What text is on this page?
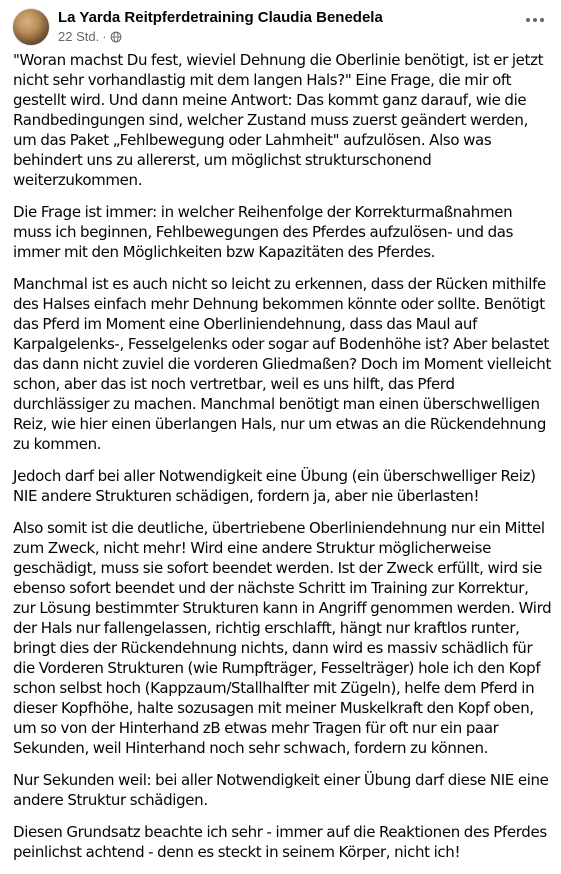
La Yarda Reitpferdetraining Claudia Benedela
22 Std. ·

"Woran machst Du fest, wieviel Dehnung die Oberlinie benötigt, ist er jetzt nicht sehr vorhandlastig mit dem langen Hals?" Eine Frage, die mir oft gestellt wird. Und dann meine Antwort: Das kommt ganz darauf, wie die Randbedingungen sind, welcher Zustand muss zuerst geändert werden, um das Paket „Fehlbewegung oder Lahmheit" aufzulösen. Also was behindert uns zu allererst, um möglichst strukturschonend weiterzukommen.

Die Frage ist immer: in welcher Reihenfolge der Korrekturmaßnahmen muss ich beginnen, Fehlbewegungen des Pferdes aufzulösen- und das immer mit den Möglichkeiten bzw Kapazitäten des Pferdes.

Manchmal ist es auch nicht so leicht zu erkennen, dass der Rücken mithilfe des Halses einfach mehr Dehnung bekommen könnte oder sollte. Benötigt das Pferd im Moment eine Oberliniendehnung, dass das Maul auf Karpalgelenks-, Fesselgelenks oder sogar auf Bodenhöhe ist? Aber belastet das dann nicht zuviel die vorderen Gliedmaßen? Doch im Moment vielleicht schon, aber das ist noch vertretbar, weil es uns hilft, das Pferd durchlässiger zu machen. Manchmal benötigt man einen überschwelligen Reiz, wie hier einen überlangen Hals, nur um etwas an die Rückendehnung zu kommen.

Jedoch darf bei aller Notwendigkeit eine Übung (ein überschwelliger Reiz) NIE andere Strukturen schädigen, fordern ja, aber nie überlasten!

Also somit ist die deutliche, übertriebene Oberliniendehnung nur ein Mittel zum Zweck, nicht mehr! Wird eine andere Struktur möglicherweise geschädigt, muss sie sofort beendet werden. Ist der Zweck erfüllt, wird sie ebenso sofort beendet und der nächste Schritt im Training zur Korrektur, zur Lösung bestimmter Strukturen kann in Angriff genommen werden. Wird der Hals nur fallengelassen, richtig erschlafft, hängt nur kraftlos runter, bringt dies der Rückendehnung nichts, dann wird es massiv schädlich für die Vorderen Strukturen (wie Rumpfträger, Fesselträger) hole ich den Kopf schon selbst hoch (Kappzaum/Stallhalfter mit Zügeln), helfe dem Pferd in dieser Kopfhöhe, halte sozusagen mit meiner Muskelkraft den Kopf oben, um so von der Hinterhand zB etwas mehr Tragen für oft nur ein paar Sekunden, weil Hinterhand noch sehr schwach, fordern zu können.

Nur Sekunden weil: bei aller Notwendigkeit einer Übung darf diese NIE eine andere Struktur schädigen.

Diesen Grundsatz beachte ich sehr - immer auf die Reaktionen des Pferdes peinlichst achtend - denn es steckt in seinem Körper, nicht ich!
